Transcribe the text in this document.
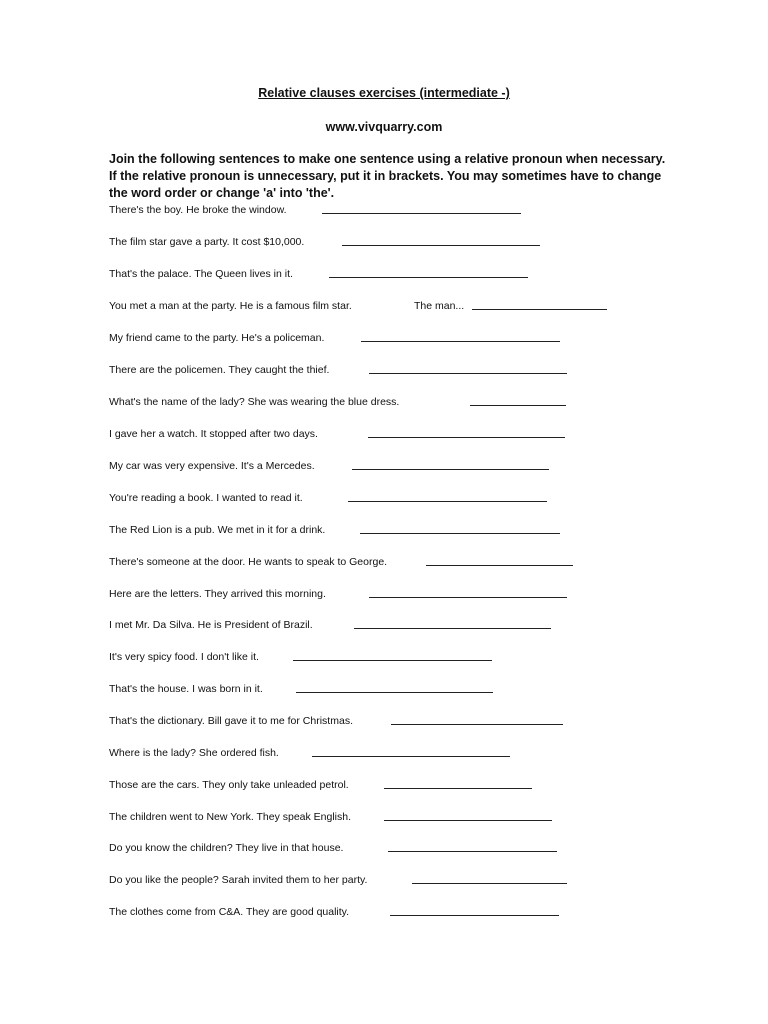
Relative clauses exercises (intermediate -)
www.vivquarry.com
Join the following sentences to make one sentence using a relative pronoun when necessary.
If the relative pronoun is unnecessary, put it in brackets. You may sometimes have to change
the word order or change 'a' into 'the'.
There's the boy. He broke the window.
The film star gave a party. It cost $10,000.
That's the palace. The Queen lives in it.
You met a man at the party. He is a famous film star.	The man...
My friend came to the party. He's a policeman.
There are the policemen. They caught the thief.
What's the name of the lady? She was wearing the blue dress.
I gave her a watch. It stopped after two days.
My car was very expensive. It's a Mercedes.
You're reading a book. I wanted to read it.
The Red Lion is a pub. We met in it for a drink.
There's someone at the door. He wants to speak to George.
Here are the letters. They arrived this morning.
I met Mr. Da Silva. He is President of Brazil.
It's very spicy food. I don't like it.
That's the house. I was born in it.
That's the dictionary. Bill gave it to me for Christmas.
Where is the lady? She ordered fish.
Those are the cars. They only take unleaded petrol.
The children went to New York. They speak English.
Do you know the children? They live in that house.
Do you like the people? Sarah invited them to her party.
The clothes come from C&A. They are good quality.
